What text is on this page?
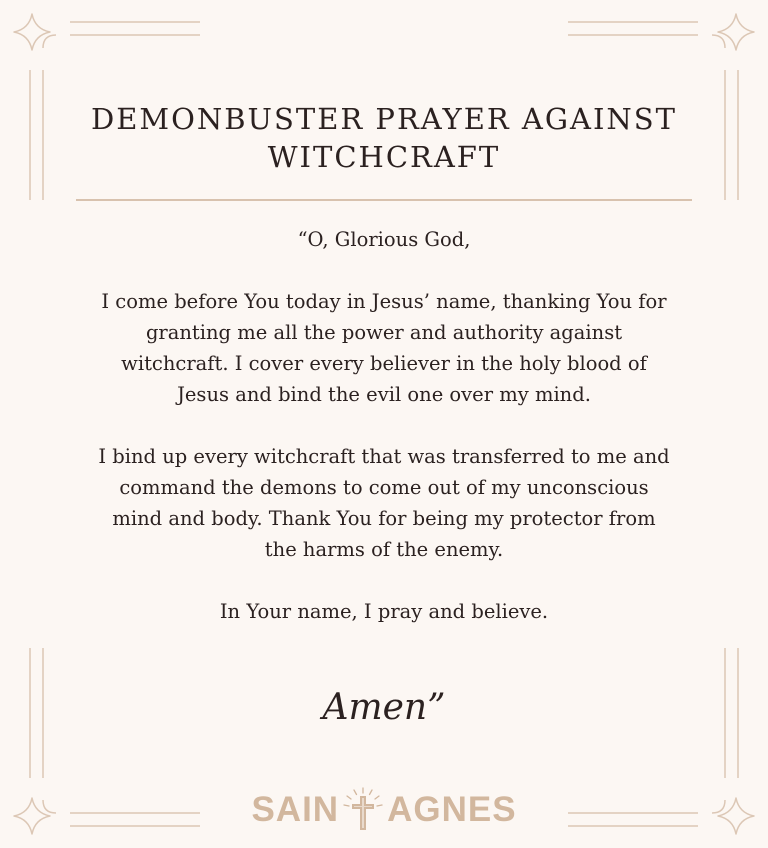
DEMONBUSTER PRAYER AGAINST
WITCHCRAFT

“O, Glorious God,

I come before You today in Jesus’ name, thanking You for
granting me all the power and authority against
witchcraft. I cover every believer in the holy blood of
Jesus and bind the evil one over my mind.

I bind up every witchcraft that was transferred to me and
command the demons to come out of my unconscious
mind and body. Thank You for being my protector from
the harms of the enemy.

In Your name, I pray and believe.

Amen”
SAIN AGNES
